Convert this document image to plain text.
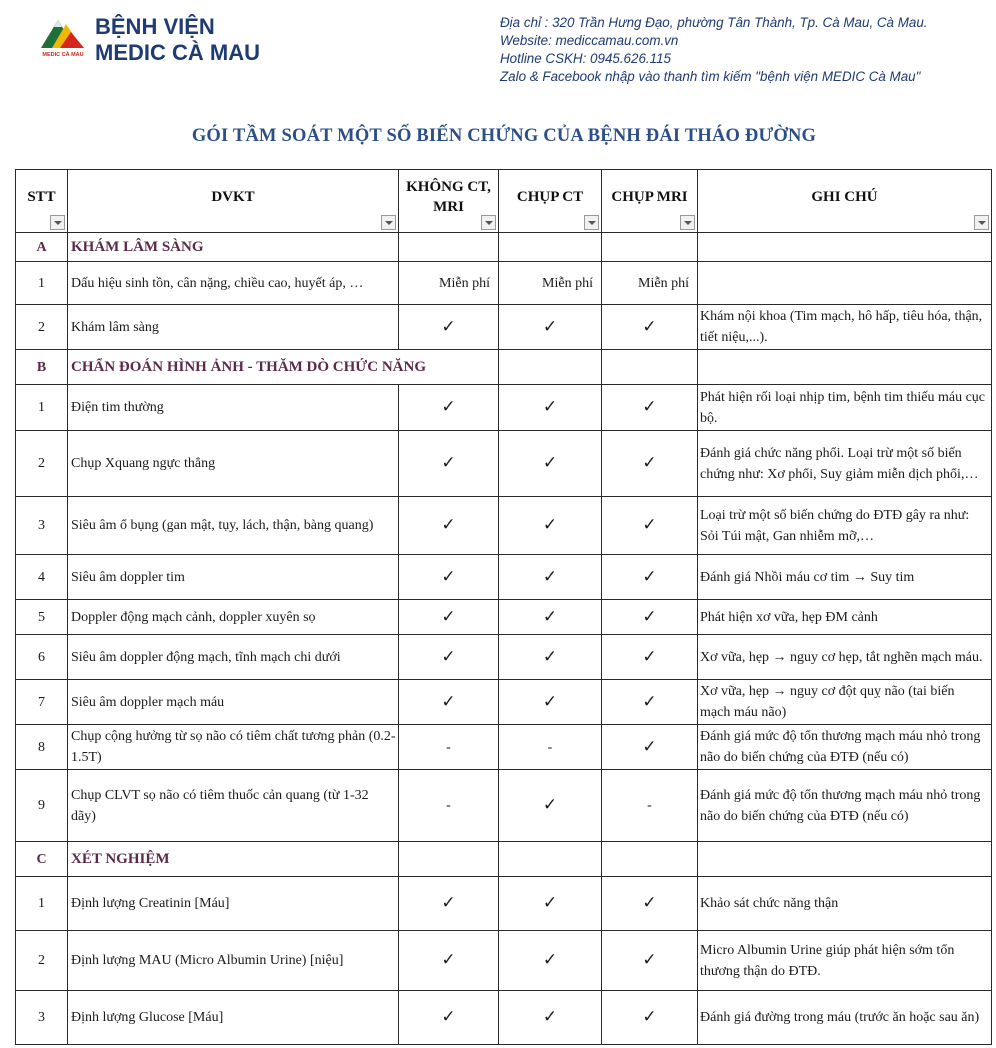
MEDIC CÀ MAU
BỆNH VIỆN
MEDIC CÀ MAU
Địa chỉ : 320 Trần Hưng Đạo, phường Tân Thành, Tp. Cà Mau, Cà Mau.
Website: mediccamau.com.vn
Hotline CSKH: 0945.626.115
Zalo & Facebook nhập vào thanh tìm kiếm "bệnh viện MEDIC Cà Mau"
GÓI TẦM SOÁT MỘT SỐ BIẾN CHỨNG CỦA BỆNH ĐÁI THÁO ĐƯỜNG
STT	DVKT	KHÔNG CT, MRI	CHỤP CT	CHỤP MRI	GHI CHÚ

A	KHÁM LÂM SÀNG				
1	Dấu hiệu sinh tồn, cân nặng, chiều cao, huyết áp, …	Miễn phí	Miễn phí	Miễn phí	
2	Khám lâm sàng	✓	✓	✓	Khám nội khoa (Tim mạch, hô hấp, tiêu hóa, thận, tiết niệu,...).
B	CHẨN ĐOÁN HÌNH ẢNH - THĂM DÒ CHỨC NĂNG				
1	Điện tim thường	✓	✓	✓	Phát hiện rối loại nhịp tim, bệnh tim thiếu máu cục bộ.
2	Chụp Xquang ngực thẳng	✓	✓	✓	Đánh giá chức năng phổi. Loại trừ một số biến chứng như: Xơ phổi, Suy giảm miễn dịch phổi,…
3	Siêu âm ổ bụng (gan mật, tụy, lách, thận, bàng quang)	✓	✓	✓	Loại trừ một số biến chứng do ĐTĐ gây ra như: Sỏi Túi mật, Gan nhiễm mỡ,…
4	Siêu âm doppler tim	✓	✓	✓	Đánh giá Nhồi máu cơ tim → Suy tim
5	Doppler động mạch cảnh, doppler xuyên sọ	✓	✓	✓	Phát hiện xơ vữa, hẹp ĐM cảnh
6	Siêu âm doppler động mạch, tĩnh mạch chi dưới	✓	✓	✓	Xơ vữa, hẹp → nguy cơ hẹp, tắt nghẽn mạch máu.
7	Siêu âm doppler mạch máu	✓	✓	✓	Xơ vữa, hẹp → nguy cơ đột quỵ não (tai biến mạch máu não)
8	Chụp cộng hưởng từ sọ não có tiêm chất tương phản (0.2-1.5T)	-	-	✓	Đánh giá mức độ tổn thương mạch máu nhỏ trong não do biến chứng của ĐTĐ (nếu có)
9	Chụp CLVT sọ não có tiêm thuốc cản quang (từ 1-32 dãy)	-	✓	-	Đánh giá mức độ tổn thương mạch máu nhỏ trong não do biến chứng của ĐTĐ (nếu có)
C	XÉT NGHIỆM				
1	Định lượng Creatinin [Máu]	✓	✓	✓	Khảo sát chức năng thận
2	Định lượng MAU (Micro Albumin Urine) [niệu]	✓	✓	✓	Micro Albumin Urine giúp phát hiện sớm tổn thương thận do ĐTĐ.
3	Định lượng Glucose [Máu]	✓	✓	✓	Đánh giá đường trong máu (trước ăn hoặc sau ăn)
